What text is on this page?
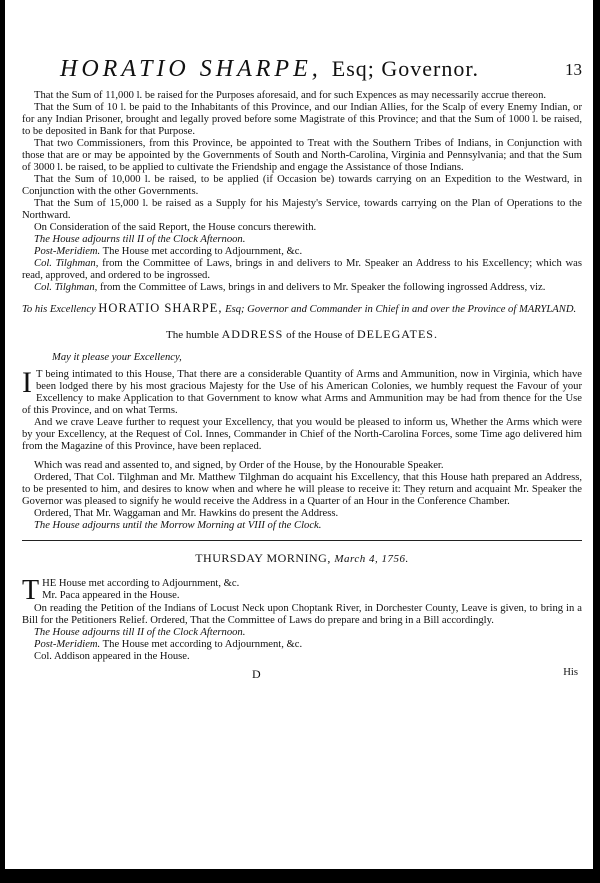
HORATIO SHARPE, Esq; Governor.	13

That the Sum of 11,000 l. be raised for the Purposes aforesaid, and for such Expences as may necessarily accrue thereon.

That the Sum of 10 l. be paid to the Inhabitants of this Province, and our Indian Allies, for the Scalp of every Enemy Indian, or for any Indian Prisoner, brought and legally proved before some Magistrate of this Province; and that the Sum of 1000 l. be raised, to be deposited in Bank for that Purpose.

That two Commissioners, from this Province, be appointed to Treat with the Southern Tribes of Indians, in Conjunction with those that are or may be appointed by the Governments of South and North-Carolina, Virginia and Pennsylvania; and that the Sum of 3000 l. be raised, to be applied to cultivate the Friendship and engage the Assistance of those Indians.

That the Sum of 10,000 l. be raised, to be applied (if Occasion be) towards carrying on an Expedition to the Westward, in Conjunction with the other Governments.

That the Sum of 15,000 l. be raised as a Supply for his Majesty's Service, towards carrying on the Plan of Operations to the Northward.

On Consideration of the said Report, the House concurs therewith.

The House adjourns till II of the Clock Afternoon.

Post-Meridiem. The House met according to Adjournment, &c.

Col. Tilghman, from the Committee of Laws, brings in and delivers to Mr. Speaker an Address to his Excellency; which was read, approved, and ordered to be ingrossed.

Col. Tilghman, from the Committee of Laws, brings in and delivers to Mr. Speaker the following ingrossed Address, viz.

To his Excellency HORATIO SHARPE, Esq; Governor and Commander in Chief in and over the Province of MARYLAND.
The humble ADDRESS of the House of DELEGATES.
May it please your Excellency,

I T being intimated to this House, That there are a considerable Quantity of Arms and Ammunition, now in Virginia, which have been lodged there by his most gracious Majesty for the Use of his American Colonies, we humbly request the Favour of your Excellency to make Application to that Government to know what Arms and Ammunition may be had from thence for the Use of this Province, and on what Terms.

And we crave Leave further to request your Excellency, that you would be pleased to inform us, Whether the Arms which were by your Excellency, at the Request of Col. Innes, Commander in Chief of the North-Carolina Forces, some Time ago delivered him from the Magazine of this Province, have been replaced.

Which was read and assented to, and signed, by Order of the House, by the Honourable Speaker.

Ordered, That Col. Tilghman and Mr. Matthew Tilghman do acquaint his Excellency, that this House hath prepared an Address, to be presented to him, and desires to know when and where he will please to receive it: They return and acquaint Mr. Speaker the Governor was pleased to signify he would receive the Address in a Quarter of an Hour in the Conference Chamber.

Ordered, That Mr. Waggaman and Mr. Hawkins do present the Address.

The House adjourns until the Morrow Morning at VIII of the Clock.

THURSDAY MORNING, March 4, 1756.

THE House met according to Adjournment, &c.

Mr. Paca appeared in the House.

On reading the Petition of the Indians of Locust Neck upon Choptank River, in Dorchester County, Leave is given, to bring in a Bill for the Petitioners Relief. Ordered, That the Committee of Laws do prepare and bring in a Bill accordingly.

The House adjourns till II of the Clock Afternoon.

Post-Meridiem. The House met according to Adjournment, &c.

Col. Addison appeared in the House.

D	His
